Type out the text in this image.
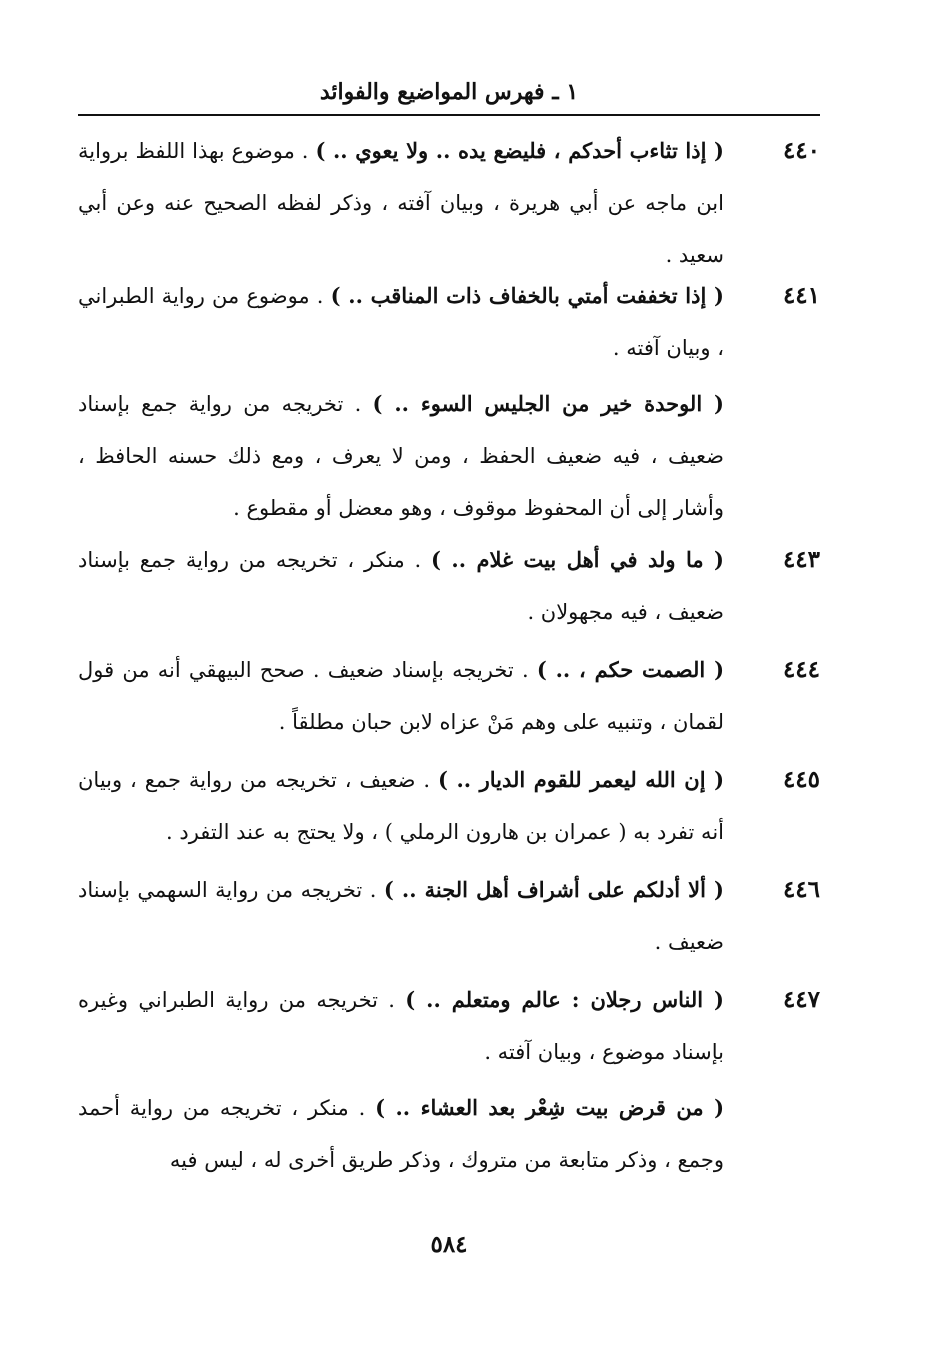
١ ـ فهرس المواضيع والفوائد
٤٤٠
( إذا تثاءب أحدكم ، فليضع يده .. ولا يعوي .. ) . موضوع بهذا اللفظ برواية ابن ماجه عن أبي هريرة ، وبيان آفته ، وذكر لفظه الصحيح عنه وعن أبي سعيد .
٤٤١
( إذا تخففت أمتي بالخفاف ذات المناقب .. ) . موضوع من رواية الطبراني ، وبيان آفته .
( الوحدة خير من الجليس السوء .. ) . تخريجه من رواية جمع بإسناد ضعيف ، فيه ضعيف الحفظ ، ومن لا يعرف ، ومع ذلك حسنه الحافظ ، وأشار إلى أن المحفوظ موقوف ، وهو معضل أو مقطوع .
٤٤٣
( ما ولد في أهل بيت غلام .. ) . منكر ، تخريجه من رواية جمع بإسناد ضعيف ، فيه مجهولان .
٤٤٤
( الصمت حكم ، .. ) . تخريجه بإسناد ضعيف . صحح البيهقي أنه من قول لقمان ، وتنبيه على وهم مَنْ عزاه لابن حبان مطلقاً .
٤٤٥
( إن الله ليعمر للقوم الديار .. ) . ضعيف ، تخريجه من رواية جمع ، وبيان أنه تفرد به ( عمران بن هارون الرملي ) ، ولا يحتج به عند التفرد .
٤٤٦
( ألا أدلكم على أشراف أهل الجنة .. ) . تخريجه من رواية السهمي بإسناد ضعيف .
٤٤٧
( الناس رجلان : عالم ومتعلم .. ) . تخريجه من رواية الطبراني وغيره بإسناد موضوع ، وبيان آفته .
( من قرض بيت شِعْر بعد العشاء .. ) . منكر ، تخريجه من رواية أحمد وجمع ، وذكر متابعة من متروك ، وذكر طريق أخرى له ، ليس فيه
٥٨٤
